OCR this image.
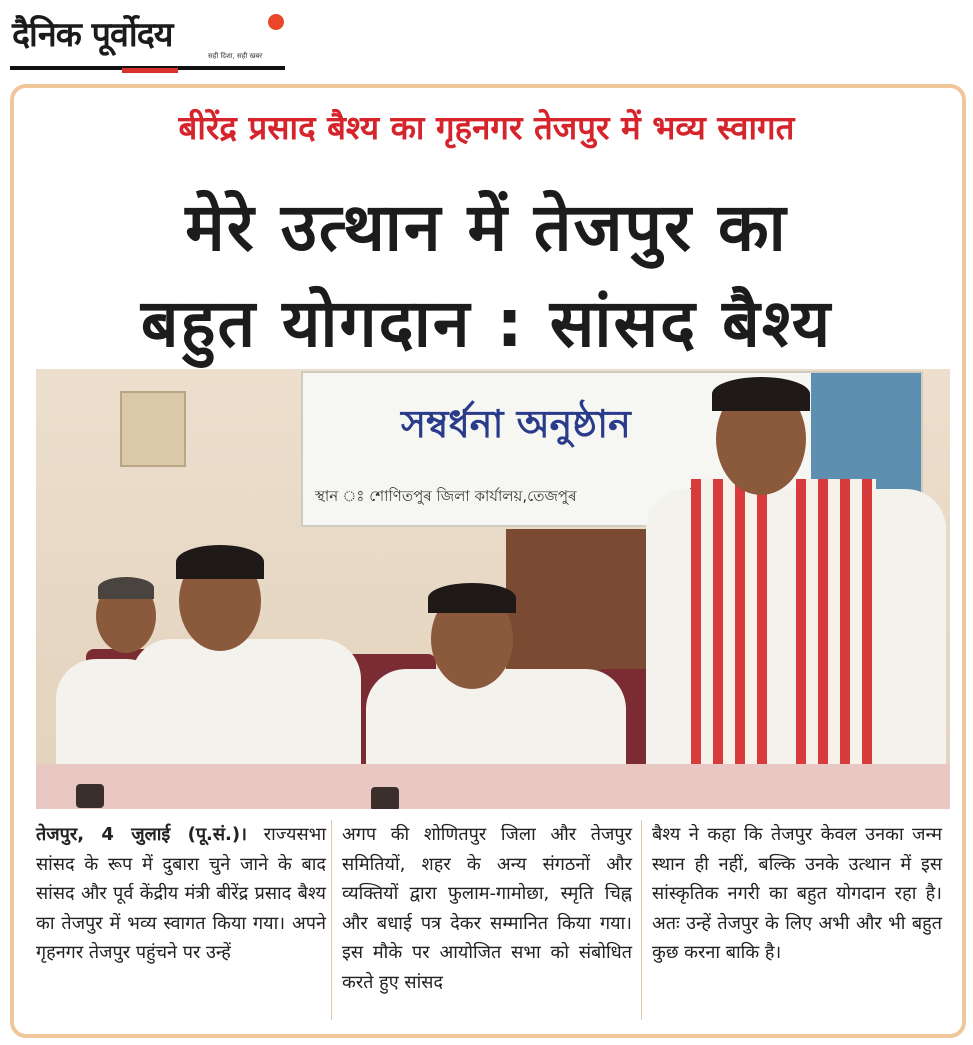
दैनिक पूर्वोदय
सही दिशा, सही खबर
बीरेंद्र प्रसाद बैश्य का गृहनगर तेजपुर में भव्य स्वागत
मेरे उत्थान में तेजपुर का
बहुत योगदान : सांसद बैश्य
সম্বৰ্ধনা অনুষ্ঠান
স্থান ঃ শোণিতপুৰ জিলা কাৰ্যালয়,তেজপুৰ
तेजपुर, 4 जुलाई (पू.सं.)। राज्यसभा सांसद के रूप में दुबारा चुने जाने के बाद सांसद और पूर्व केंद्रीय मंत्री बीरेंद्र प्रसाद बैश्य का तेजपुर में भव्य स्वागत किया गया। अपने गृहनगर तेजपुर पहुंचने पर उन्हें
अगप की शोणितपुर जिला और तेजपुर समितियों, शहर के अन्य संगठनों और व्यक्तियों द्वारा फुलाम-गामोछा, स्मृति चिह्न और बधाई पत्र देकर सम्मानित किया गया। इस मौके पर आयोजित सभा को संबोधित करते हुए सांसद
बैश्य ने कहा कि तेजपुर केवल उनका जन्म स्थान ही नहीं, बल्कि उनके उत्थान में इस सांस्कृतिक नगरी का बहुत योगदान रहा है। अतः उन्हें तेजपुर के लिए अभी और भी बहुत कुछ करना बाकि है।
